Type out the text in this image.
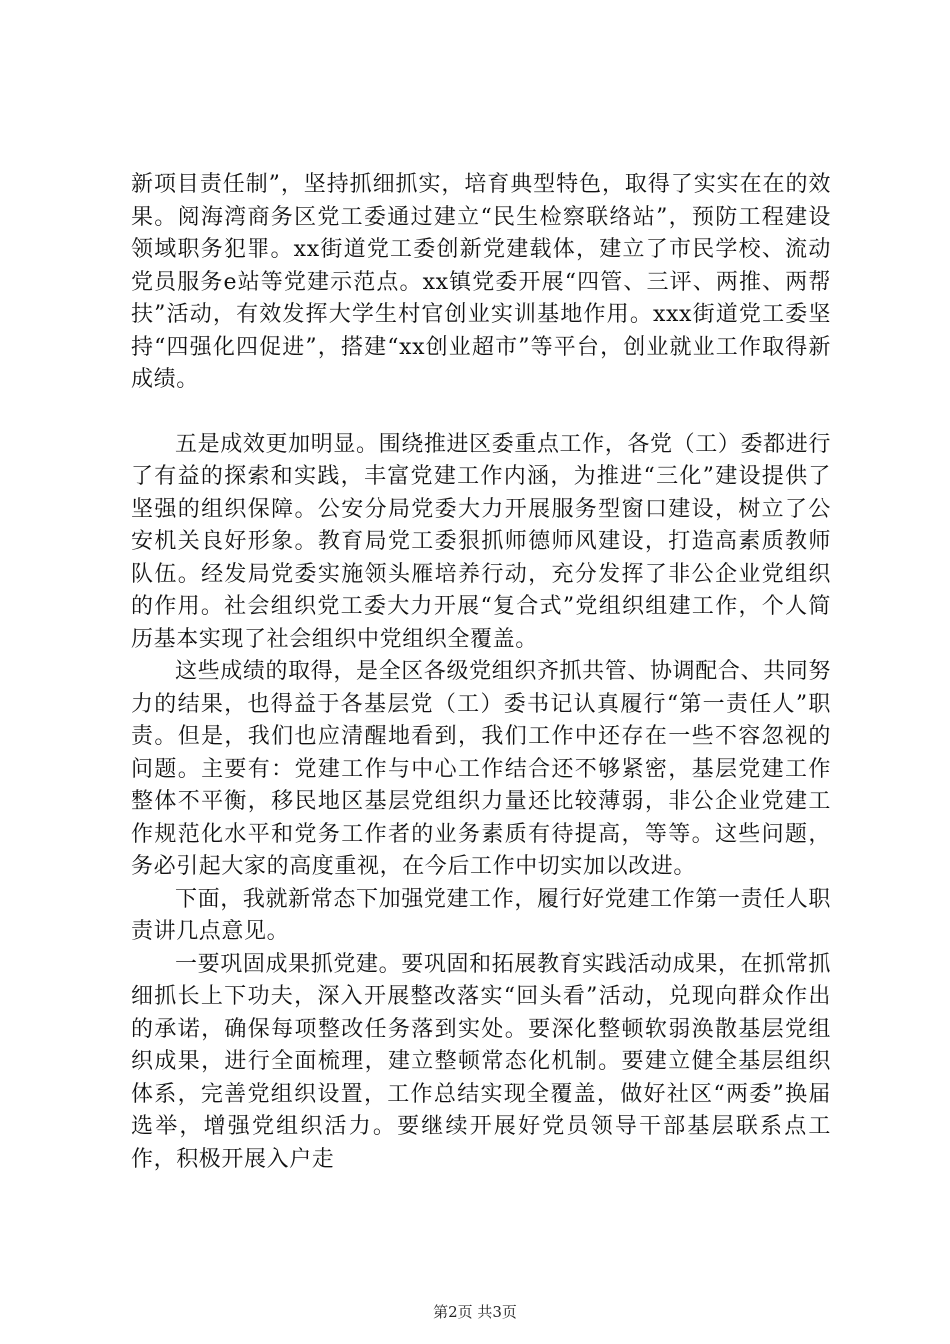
新项目责任制”，坚持抓细抓实，培育典型特色，取得了实实在在的效果。阅海湾商务区党工委通过建立“民生检察联络站”，预防工程建设领域职务犯罪。xx街道党工委创新党建载体，建立了市民学校、流动党员服务e站等党建示范点。xx镇党委开展“四管、三评、两推、两帮扶”活动，有效发挥大学生村官创业实训基地作用。xxx街道党工委坚持“四强化四促进”，搭建“xx创业超市”等平台，创业就业工作取得新成绩。

五是成效更加明显。围绕推进区委重点工作，各党（工）委都进行了有益的探索和实践，丰富党建工作内涵，为推进“三化”建设提供了坚强的组织保障。公安分局党委大力开展服务型窗口建设，树立了公安机关良好形象。教育局党工委狠抓师德师风建设，打造高素质教师队伍。经发局党委实施领头雁培养行动，充分发挥了非公企业党组织的作用。社会组织党工委大力开展“复合式”党组织组建工作，个人简历基本实现了社会组织中党组织全覆盖。

这些成绩的取得，是全区各级党组织齐抓共管、协调配合、共同努力的结果，也得益于各基层党（工）委书记认真履行“第一责任人”职责。但是，我们也应清醒地看到，我们工作中还存在一些不容忽视的问题。主要有：党建工作与中心工作结合还不够紧密，基层党建工作整体不平衡，移民地区基层党组织力量还比较薄弱，非公企业党建工作规范化水平和党务工作者的业务素质有待提高，等等。这些问题，务必引起大家的高度重视，在今后工作中切实加以改进。

下面，我就新常态下加强党建工作，履行好党建工作第一责任人职责讲几点意见。

一要巩固成果抓党建。要巩固和拓展教育实践活动成果，在抓常抓细抓长上下功夫，深入开展整改落实“回头看”活动，兑现向群众作出的承诺，确保每项整改任务落到实处。要深化整顿软弱涣散基层党组织成果，进行全面梳理，建立整顿常态化机制。要建立健全基层组织体系，完善党组织设置，工作总结实现全覆盖，做好社区“两委”换届选举，增强党组织活力。要继续开展好党员领导干部基层联系点工作，积极开展入户走

第2页 共3页
